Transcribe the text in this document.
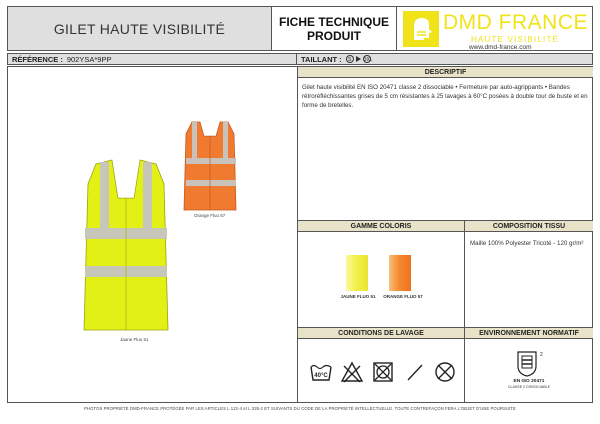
GILET HAUTE VISIBILITÉ	FICHE TECHNIQUE
PRODUIT
DMD FRANCE
HAUTE VISIBILITÉ
www.dmd-france.com
RÉFÉRENCE : 902YSA*9PP	TAILLANT :	S	3XL
DESCRIPTIF
Gilet haute visibilité EN ISO 20471 classe 2 dissociable • Fermeture par auto-agrippants • Bandes rétroréfléchissantes grises de 5 cm résistantes à 25 lavages à 60°C posées à double tour de buste et en forme de bretelles.
GAMME COLORIS	COMPOSITION TISSU
JAUNE FLUO 51	ORANGE FLUO 57
Maille 100% Polyester Tricoté - 120 gr/m²
CONDITIONS DE LAVAGE	ENVIRONNEMENT NORMATIF
40°C
2
EN ISO 20471
CLASSE 2 DISSOCIABLE
Orange Fluo 57
Jaune Fluo 51
PHOTOS PROPRIÉTÉ DMD-FRANCE PROTÉGÉE PAR LES ARTICLES L 122-4 et L 335-2 ET SUIVANTS DU CODE DE LA PROPRIÉTÉ INTELLECTUELLE. TOUTE CONTREFAÇON FERA L'OBJET D'UNE POURSUITE
